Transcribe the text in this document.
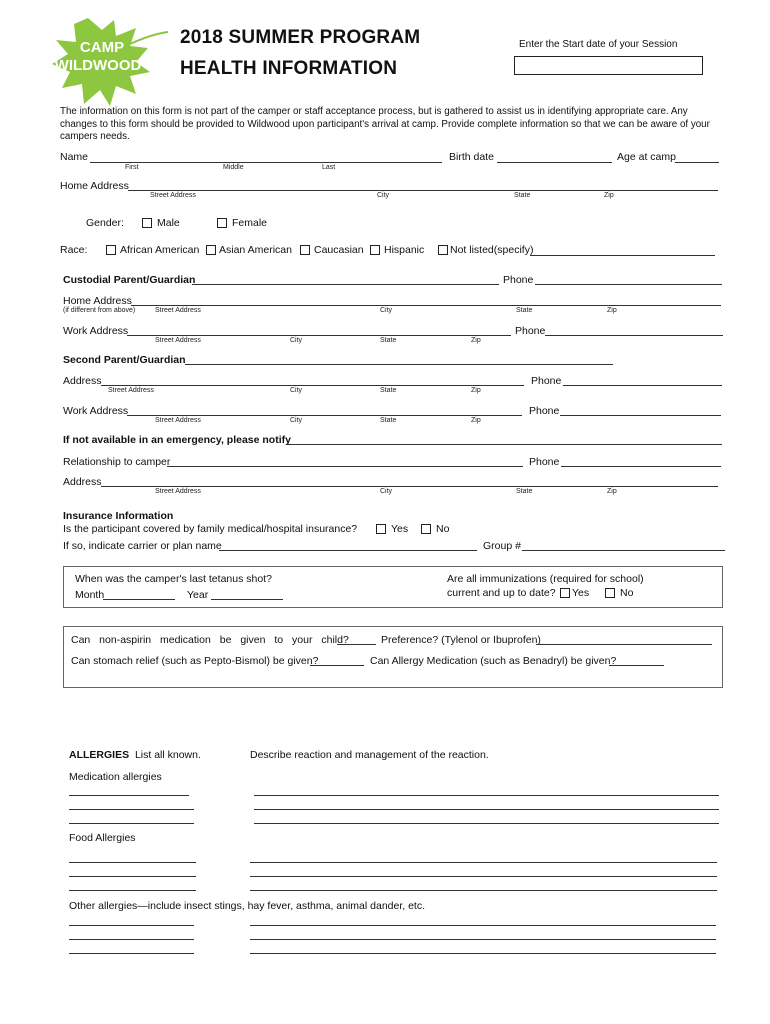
CAMP
WILDWOOD
2018 SUMMER PROGRAM
HEALTH INFORMATION
Enter the Start date of your Session
The information on this form is not part of the camper or staff acceptance process, but is gathered to assist us in identifying appropriate care. Any changes to this form should be provided to Wildwood upon participant's arrival at camp. Provide complete information so that we can be aware of your campers needs.
Name	Birth date	Age at camp
First	Middle	Last
Home Address
Street Address	City	State	Zip
Gender:	Male	Female
Race:	African American Asian American Caucasian Hispanic Not listed(specify)
Custodial Parent/Guardian	Phone
Home Address
(if different from above)	Street Address	City	State	Zip
Work Address	Phone
Street Address	City	State	Zip
Second Parent/Guardian
Address	Phone
Street Address	City	State	Zip
Work Address	Phone
Street Address	City	State	Zip
If not available in an emergency, please notify
Relationship to camper	Phone
Address
Street Address	City	State	Zip
Insurance Information
Is the participant covered by family medical/hospital insurance?	Yes	No
If so, indicate carrier or plan name	Group #
When was the camper's last tetanus shot?
Month	Year
Are all immunizations (required for school)
current and up to date? Yes	No
Can non-aspirin medication be given to your child?	Preference? (Tylenol or Ibuprofen)
Can stomach relief (such as Pepto-Bismol) be given?	Can Allergy Medication (such as Benadryl) be given?
ALLERGIES List all known.	Describe reaction and management of the reaction.
Medication allergies
Food Allergies
Other allergies—include insect stings, hay fever, asthma, animal dander, etc.
